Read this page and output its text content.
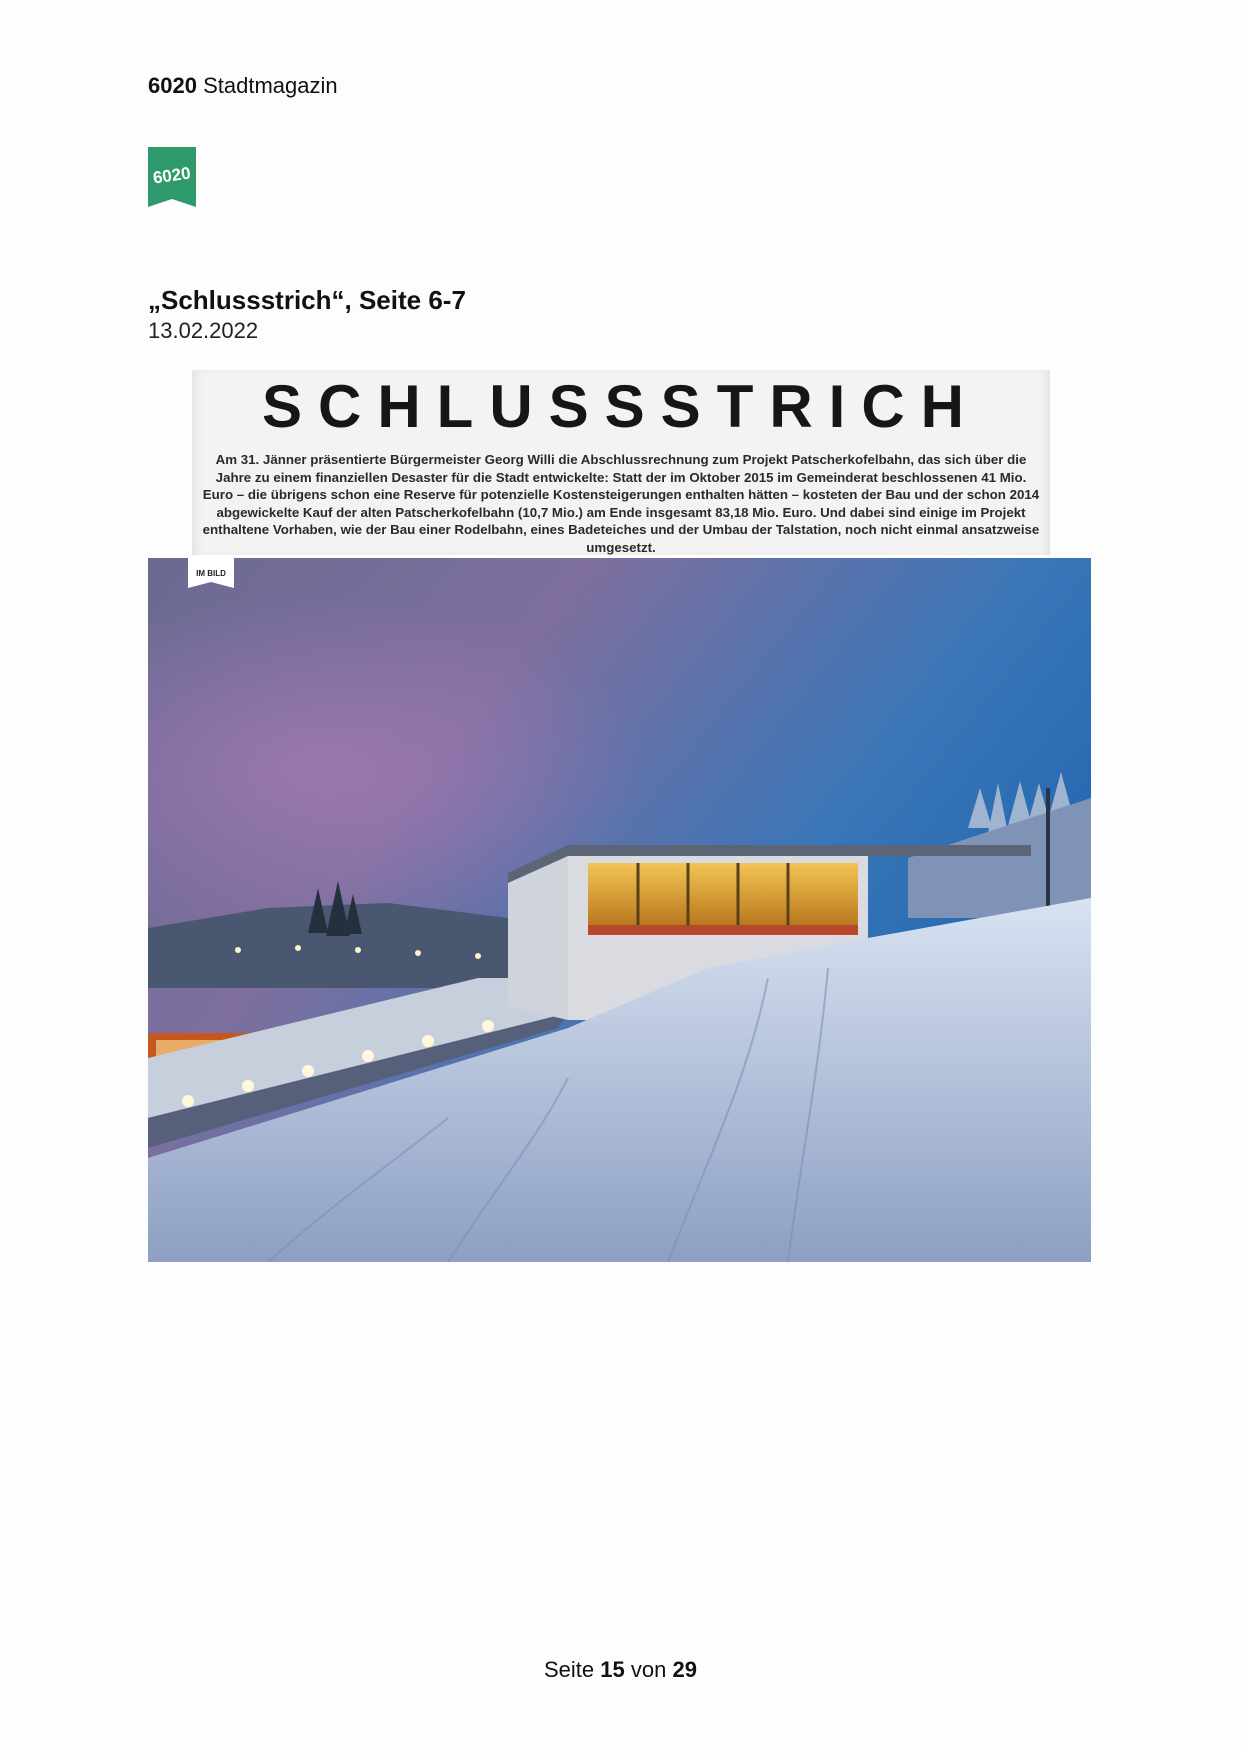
6020 Stadtmagazin
6020
„Schlussstrich“, Seite 6-7
13.02.2022
SCHLUSSSTRICH
Am 31. Jänner präsentierte Bürgermeister Georg Willi die Abschlussrechnung zum Projekt Patscherkofelbahn, das sich über die Jahre zu einem finanziellen Desaster für die Stadt entwickelte: Statt der im Oktober 2015 im Gemeinderat beschlossenen 41 Mio. Euro – die übrigens schon eine Reserve für potenzielle Kostensteigerungen enthalten hätten – kosteten der Bau und der schon 2014 abgewickelte Kauf der alten Patscherkofelbahn (10,7 Mio.) am Ende insgesamt 83,18 Mio. Euro. Und dabei sind einige im Projekt enthaltene Vorhaben, wie der Bau einer Rodelbahn, eines Badeteiches und der Umbau der Talstation, noch nicht einmal ansatzweise umgesetzt.
IM BILD
Seite 15 von 29
